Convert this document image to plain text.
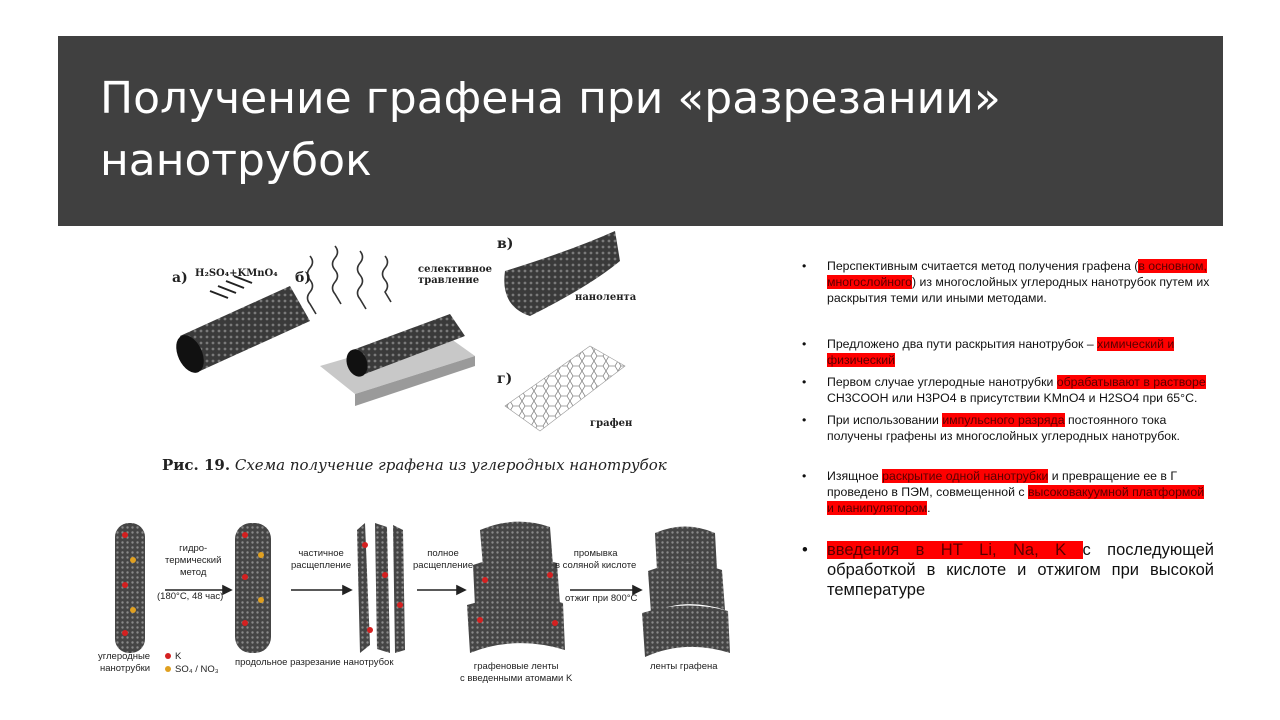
Получение графена при «разрезании» нанотрубок
а) H₂SO₄+KMnO₄ б)
селективное травление
в)
нанолента
г)
графен
Рис. 19. Схема получение графена из углеродных нанотрубок
гидро-
термический
метод
(180°C, 48 час)
частичное
расщепление
полное
расщепление
промывка
в соляной кислоте
отжиг при 800°C
углеродные
нанотрубки
K
SO₄ / NO₃
продольное разрезание нанотрубок	графеновые ленты
с введенными атомами K
ленты графена

• Перспективным считается метод получения графена (в основном, многослойного) из многослойных углеродных нанотрубок путем их раскрытия теми или иными методами.

• Предложено два пути раскрытия нанотрубок – химический и физический

• Первом случае углеродные нанотрубки обрабатывают в растворе CH3COOH или H3PO4 в присутствии KMnO4 и H2SO4 при 65°C.

• При использовании импульсного разряда постоянного тока получены графены из многослойных углеродных нанотрубок.

• Изящное раскрытие одной нанотрубки и превращение ее в Г проведено в ПЭМ, совмещенной с высоковакуумной платформой и манипулятором.

• введения в НТ Li, Na, K с последующей обработкой в кислоте и отжигом при высокой температуре
